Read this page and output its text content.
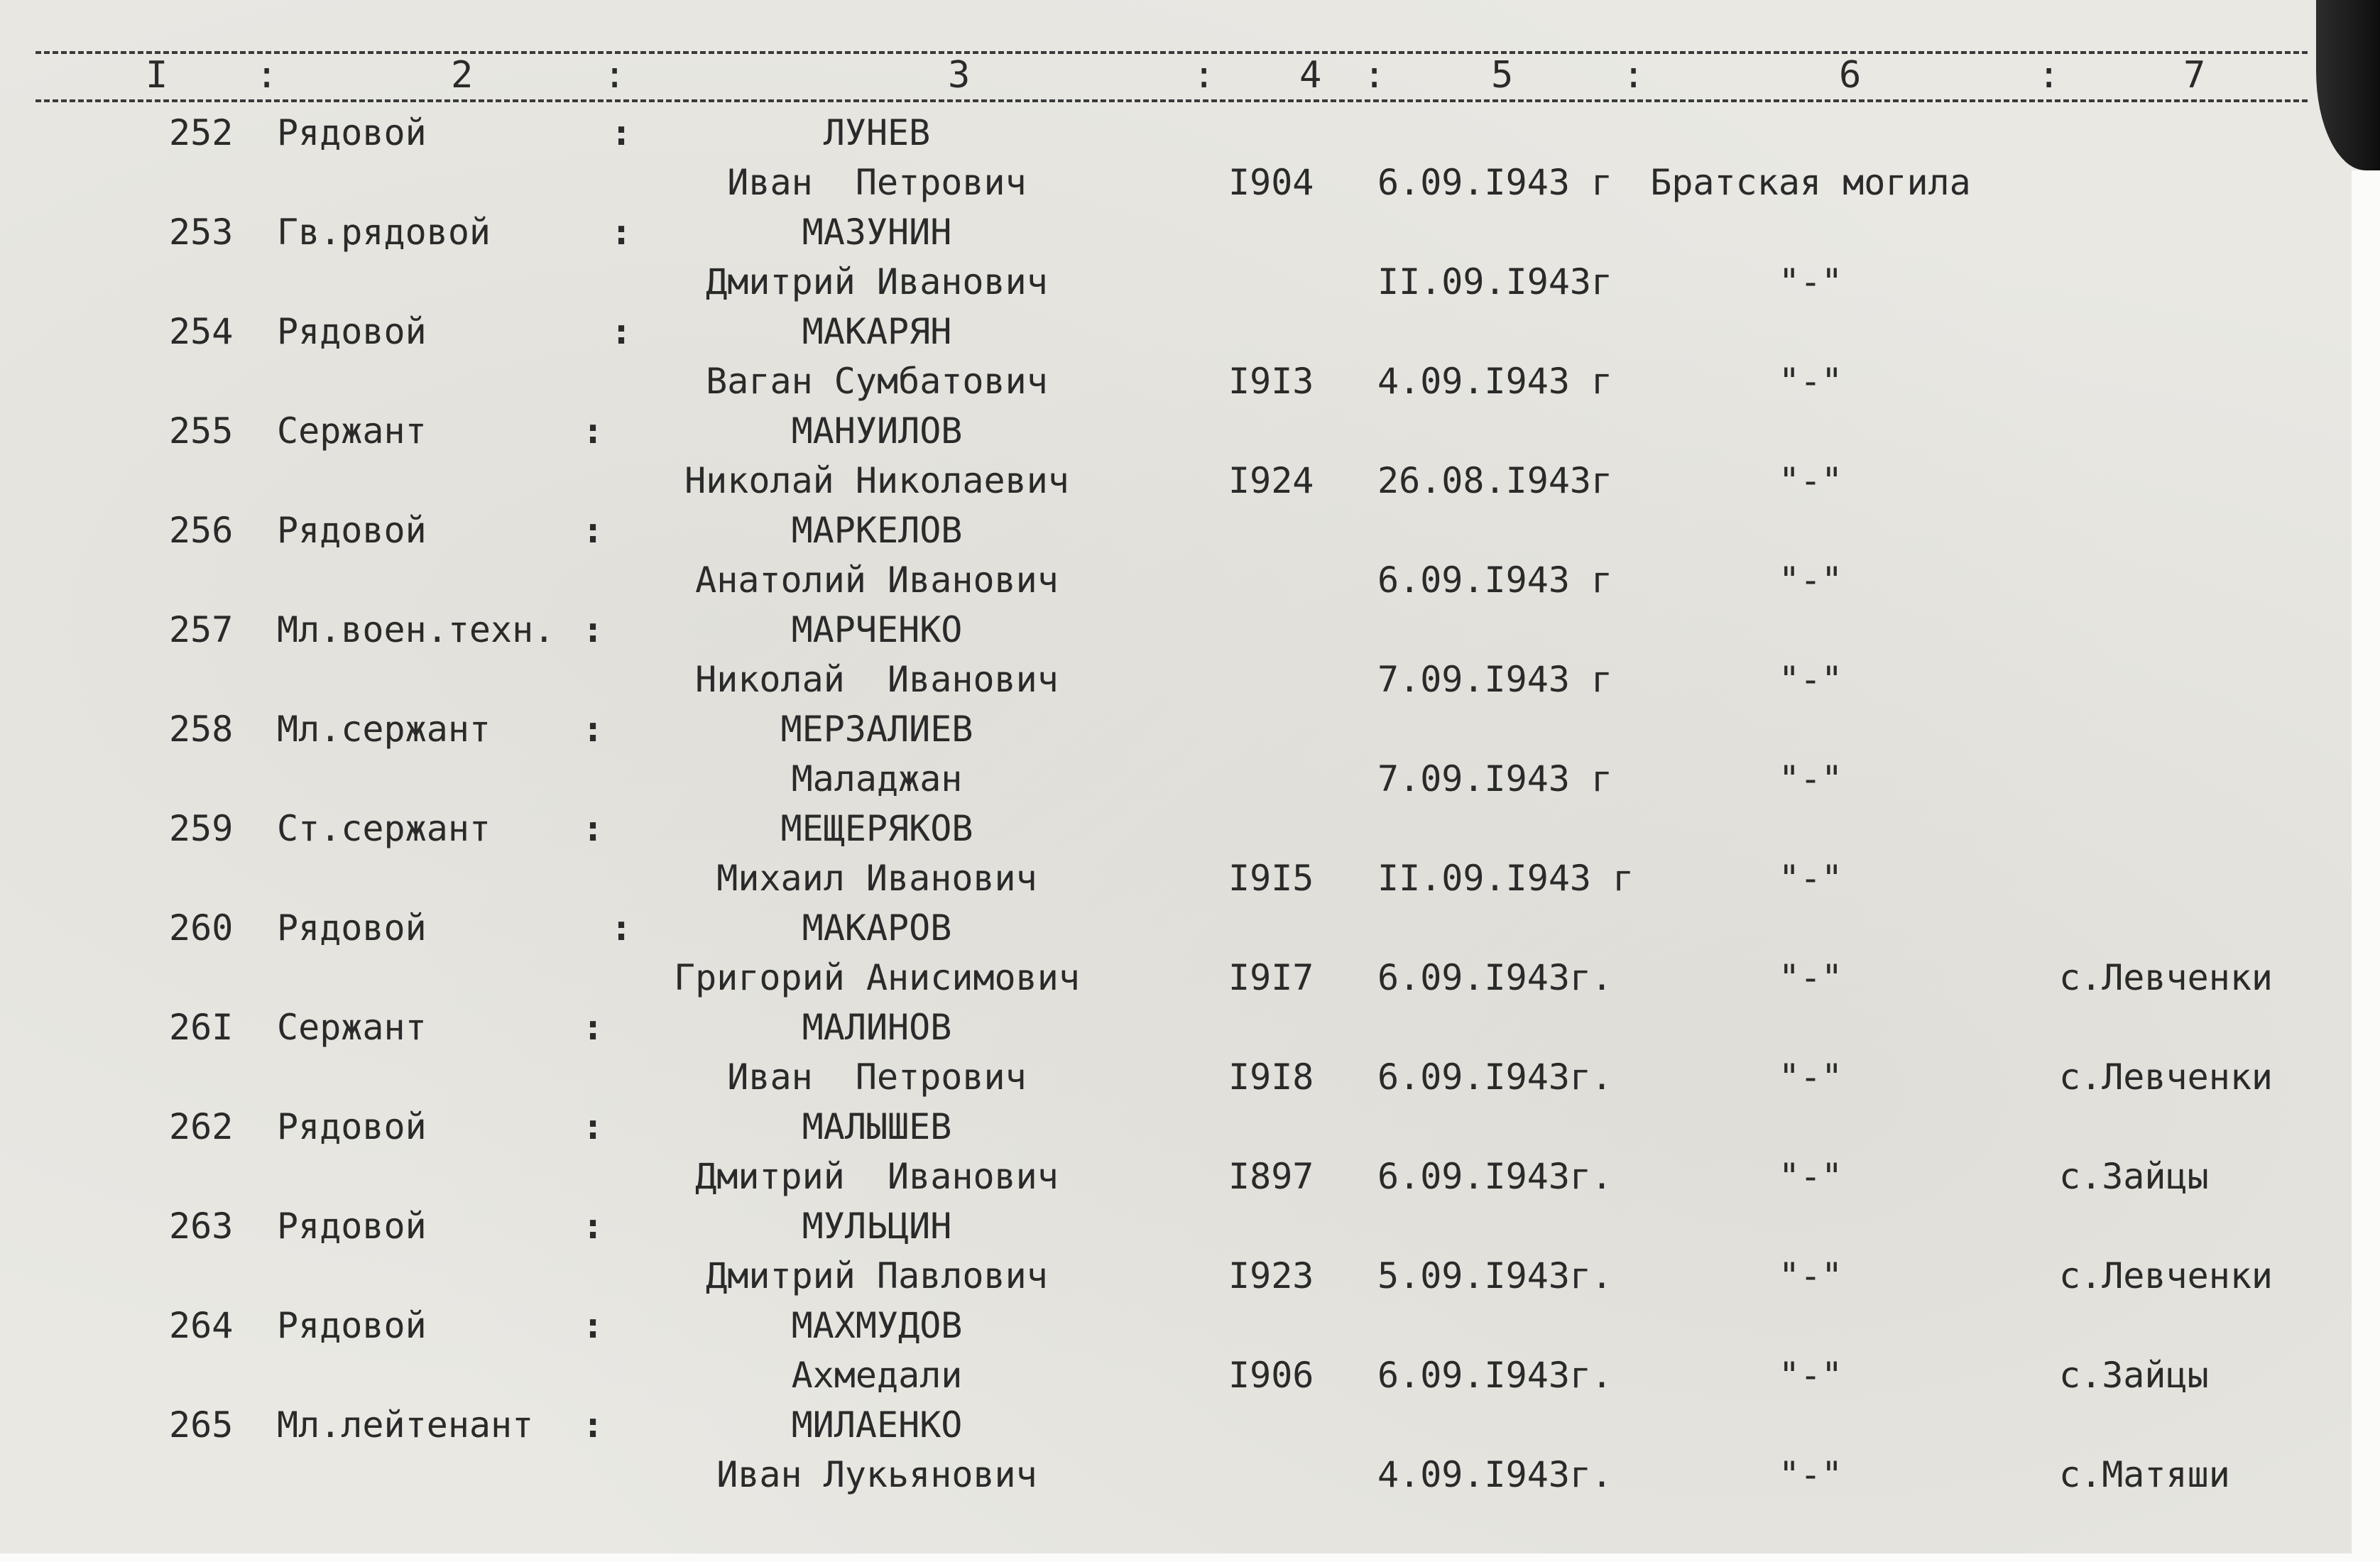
I :	2	:	3	: 4 :	5	:	6	:	7
252 Рядовой	:	ЛУНЕВ
Иван  Петрович	I904 6.09.I943 г	Братская могила
253 Гв.рядовой	:	МАЗУНИН
Дмитрий Иванович	II.09.I943г	"-"
254 Рядовой	:	МАКАРЯН
Ваган Сумбатович	I9I3 4.09.I943 г	"-"
255 Сержант	:	МАНУИЛОВ
Николай Николаевич	I924 26.08.I943г	"-"
256 Рядовой	:	МАРКЕЛОВ
Анатолий Иванович	6.09.I943 г	"-"
257 Мл.воен.техн. :	МАРЧЕНКО
Николай  Иванович	7.09.I943 г	"-"
258 Мл.сержант	:	МЕРЗАЛИЕВ
Маладжан	7.09.I943 г	"-"
259 Ст.сержант	:	МЕЩЕРЯКОВ
Михаил Иванович	I9I5 II.09.I943 г	"-"
260 Рядовой	:	МАКАРОВ
Григорий Анисимович	I9I7 6.09.I943г.	"-"	с.Левченки
26I Сержант	:	МАЛИНОВ
Иван  Петрович	I9I8 6.09.I943г.	"-"	с.Левченки
262 Рядовой	:	МАЛЫШЕВ
Дмитрий  Иванович	I897 6.09.I943г.	"-"	с.Зайцы
263 Рядовой	:	МУЛЬЦИН
Дмитрий Павлович	I923 5.09.I943г.	"-"	с.Левченки
264 Рядовой	:	МАХМУДОВ
Ахмедали	I906 6.09.I943г.	"-"	с.Зайцы
265 Мл.лейтенант :	МИЛАЕНКО
Иван Лукьянович	4.09.I943г.	"-"	с.Матяши
